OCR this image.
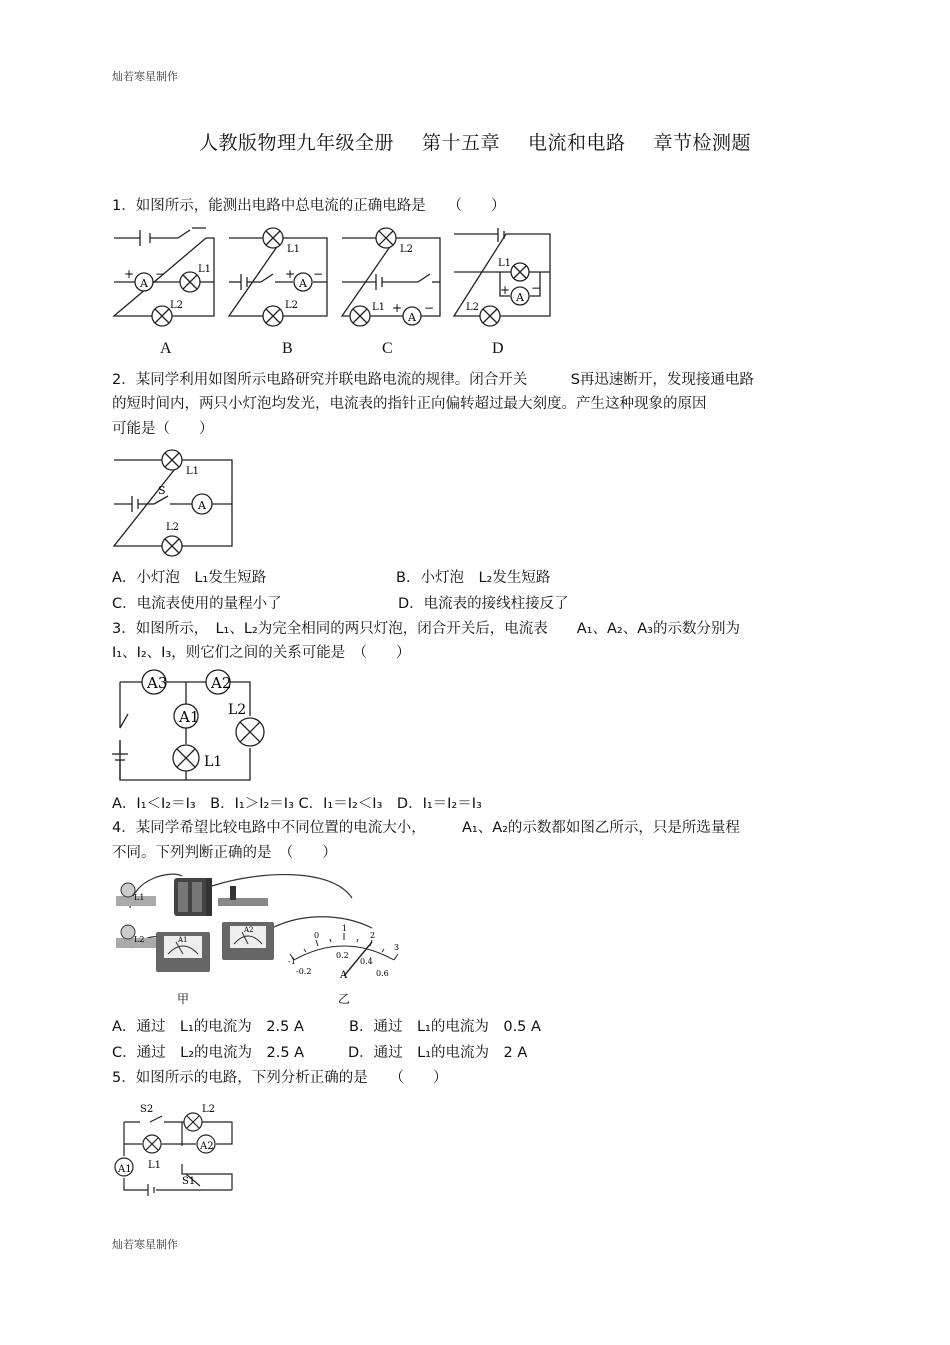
灿若寒星制作
人教版物理九年级全册 第十五章 电流和电路 章节检测题
1．如图所示，能测出电路中总电流的正确电路是　　（　　）
A
+ −	L1
L2
A
+ −
L1
L2
A
+ −
L1
L2
A
+ −
L1
L2
A	B	C	D
2．某同学利用如图所示电路研究并联电路电流的规律。闭合开关　　　S再迅速断开，发现接通电路
的短时间内，两只小灯泡均发光，电流表的指针正向偏转超过最大刻度。产生这种现象的原因
可能是（　　）
A
S
L1
L2
A．小灯泡　L₁发生短路	B．小灯泡　L₂发生短路
C．电流表使用的量程小了	D．电流表的接线柱接反了
3．如图所示，　L₁、L₂为完全相同的两只灯泡，闭合开关后，电流表　　A₁、A₂、A₃的示数分别为
I₁、I₂、I₃，则它们之间的关系可能是　（　　）
A3	A2
A1
L1
L2
A．I₁＜I₂＝I₃　B．I₁＞I₂＝I₃ C．I₁＝I₂＜I₃　D．I₁＝I₂＝I₃
4．某同学希望比较电路中不同位置的电流大小，　　　A₁、A₂的示数都如图乙所示，只是所选量程
不同。下列判断正确的是　（　　）
L1
L2	A1
A2
-1
0
1
2
3
-0.2
0.2
0.4
0.6
A
甲	乙
A．通过　L₁的电流为　2.5 A	B．通过　L₁的电流为　0.5 A
C．通过　L₂的电流为　2.5 A	D．通过　L₁的电流为　2 A
5．如图所示的电路，下列分析正确的是　　（　　）
S2	L2
A2
A1 L1
S1
灿若寒星制作
